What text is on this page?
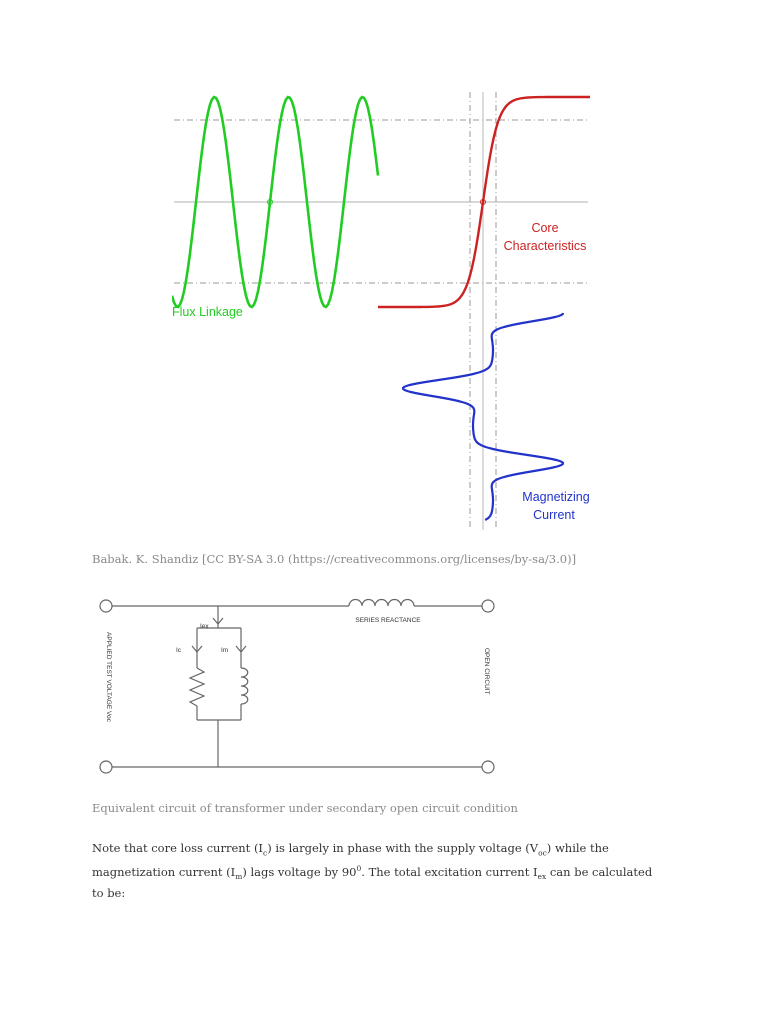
Flux Linkage
Core
Characteristics
Magnetizing
Current
Babak. K. Shandiz [CC BY-SA 3.0 (https://creativecommons.org/licenses/by-sa/3.0)]
Iex
Ic	Im
SERIES REACTANCE
APPLIED TEST VOLTAGE Voc	OPEN CIRCUIT
Equivalent circuit of transformer under secondary open circuit condition
Note that core loss current $(I_c)$ is largely in phase with the supply voltage $(V_{oc})$ while the magnetization current $(I_m)$ lags voltage by $90^0$. The total excitation current $I_{ex}$ can be calculated to be:
